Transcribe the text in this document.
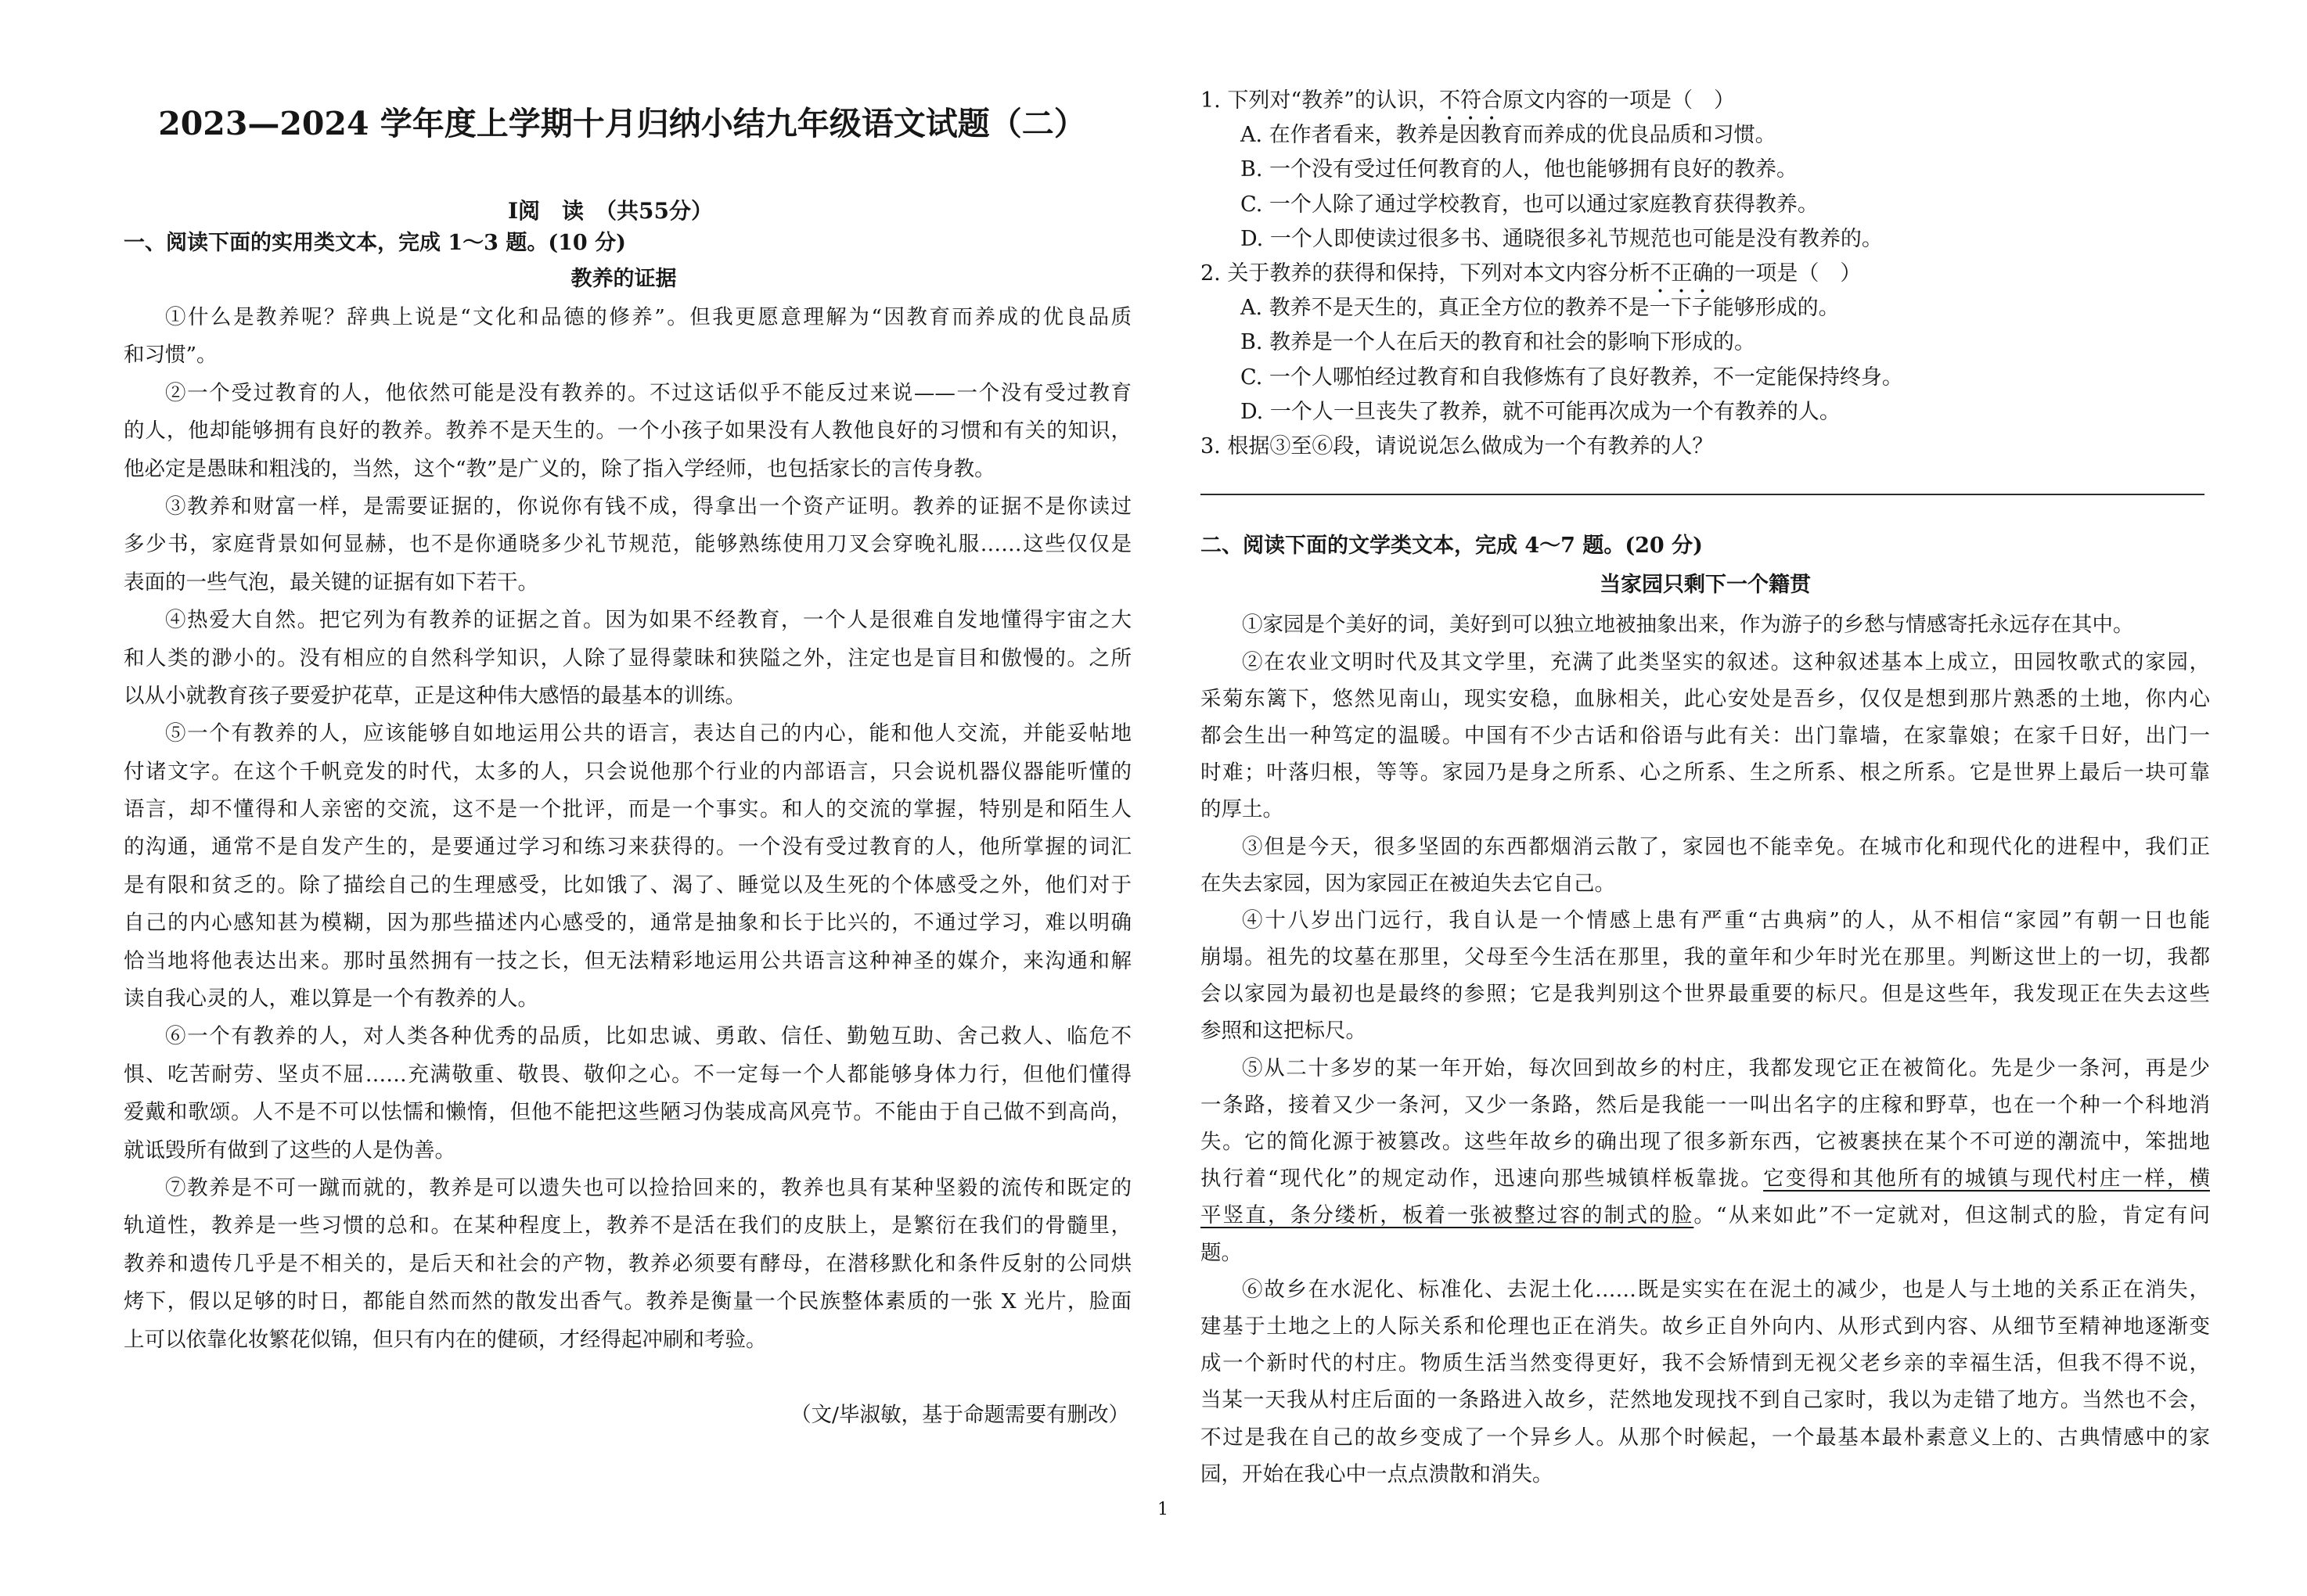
2023—2024 学年度上学期十月归纳小结九年级语文试题（二）
Ⅰ阅　读　（共55分）
一、阅读下面的实用类文本，完成 1～3 题。(10 分)
教养的证据
①什么是教养呢？辞典上说是“文化和品德的修养”。但我更愿意理解为“因教育而养成的优良品质
和习惯”。
②一个受过教育的人，他依然可能是没有教养的。不过这话似乎不能反过来说——一个没有受过教育
的人，他却能够拥有良好的教养。教养不是天生的。一个小孩子如果没有人教他良好的习惯和有关的知识，
他必定是愚昧和粗浅的，当然，这个“教”是广义的，除了指入学经师，也包括家长的言传身教。
③教养和财富一样，是需要证据的，你说你有钱不成，得拿出一个资产证明。教养的证据不是你读过
多少书，家庭背景如何显赫，也不是你通晓多少礼节规范，能够熟练使用刀叉会穿晚礼服……这些仅仅是
表面的一些气泡，最关键的证据有如下若干。
④热爱大自然。把它列为有教养的证据之首。因为如果不经教育，一个人是很难自发地懂得宇宙之大
和人类的渺小的。没有相应的自然科学知识，人除了显得蒙昧和狭隘之外，注定也是盲目和傲慢的。之所
以从小就教育孩子要爱护花草，正是这种伟大感悟的最基本的训练。
⑤一个有教养的人，应该能够自如地运用公共的语言，表达自己的内心，能和他人交流，并能妥帖地
付诸文字。在这个千帆竞发的时代，太多的人，只会说他那个行业的内部语言，只会说机器仪器能听懂的
语言，却不懂得和人亲密的交流，这不是一个批评，而是一个事实。和人的交流的掌握，特别是和陌生人
的沟通，通常不是自发产生的，是要通过学习和练习来获得的。一个没有受过教育的人，他所掌握的词汇
是有限和贫乏的。除了描绘自己的生理感受，比如饿了、渴了、睡觉以及生死的个体感受之外，他们对于
自己的内心感知甚为模糊，因为那些描述内心感受的，通常是抽象和长于比兴的，不通过学习，难以明确
恰当地将他表达出来。那时虽然拥有一技之长，但无法精彩地运用公共语言这种神圣的媒介，来沟通和解
读自我心灵的人，难以算是一个有教养的人。
⑥一个有教养的人，对人类各种优秀的品质，比如忠诚、勇敢、信任、勤勉互助、舍己救人、临危不
惧、吃苦耐劳、坚贞不屈……充满敬重、敬畏、敬仰之心。不一定每一个人都能够身体力行，但他们懂得
爱戴和歌颂。人不是不可以怯懦和懒惰，但他不能把这些陋习伪装成高风亮节。不能由于自己做不到高尚，
就诋毁所有做到了这些的人是伪善。
⑦教养是不可一蹴而就的，教养是可以遗失也可以捡拾回来的，教养也具有某种坚毅的流传和既定的
轨道性，教养是一些习惯的总和。在某种程度上，教养不是活在我们的皮肤上，是繁衍在我们的骨髓里，
教养和遗传几乎是不相关的，是后天和社会的产物，教养必须要有酵母，在潜移默化和条件反射的公同烘
烤下，假以足够的时日，都能自然而然的散发出香气。教养是衡量一个民族整体素质的一张 X 光片，脸面
上可以依靠化妆繁花似锦，但只有内在的健硕，才经得起冲刷和考验。
（文/毕淑敏，基于命题需要有删改）
1. 下列对“教养”的认识，不符合原文内容的一项是（　）
A. 在作者看来，教养是因教育而养成的优良品质和习惯。
B. 一个没有受过任何教育的人，他也能够拥有良好的教养。
C. 一个人除了通过学校教育，也可以通过家庭教育获得教养。
D. 一个人即使读过很多书、通晓很多礼节规范也可能是没有教养的。
2. 关于教养的获得和保持，下列对本文内容分析不正确的一项是（　）
A. 教养不是天生的，真正全方位的教养不是一下子能够形成的。
B. 教养是一个人在后天的教育和社会的影响下形成的。
C. 一个人哪怕经过教育和自我修炼有了良好教养，不一定能保持终身。
D. 一个人一旦丧失了教养，就不可能再次成为一个有教养的人。
3. 根据③至⑥段，请说说怎么做成为一个有教养的人？
二、阅读下面的文学类文本，完成 4～7 题。(20 分)
当家园只剩下一个籍贯
①家园是个美好的词，美好到可以独立地被抽象出来，作为游子的乡愁与情感寄托永远存在其中。
②在农业文明时代及其文学里，充满了此类坚实的叙述。这种叙述基本上成立，田园牧歌式的家园，
采菊东篱下，悠然见南山，现实安稳，血脉相关，此心安处是吾乡，仅仅是想到那片熟悉的土地，你内心
都会生出一种笃定的温暖。中国有不少古话和俗语与此有关：出门靠墙，在家靠娘；在家千日好，出门一
时难；叶落归根，等等。家园乃是身之所系、心之所系、生之所系、根之所系。它是世界上最后一块可靠
的厚土。
③但是今天，很多坚固的东西都烟消云散了，家园也不能幸免。在城市化和现代化的进程中，我们正
在失去家园，因为家园正在被迫失去它自己。
④十八岁出门远行，我自认是一个情感上患有严重“古典病”的人，从不相信“家园”有朝一日也能
崩塌。祖先的坟墓在那里，父母至今生活在那里，我的童年和少年时光在那里。判断这世上的一切，我都
会以家园为最初也是最终的参照；它是我判别这个世界最重要的标尺。但是这些年，我发现正在失去这些
参照和这把标尺。
⑤从二十多岁的某一年开始，每次回到故乡的村庄，我都发现它正在被简化。先是少一条河，再是少
一条路，接着又少一条河，又少一条路，然后是我能一一叫出名字的庄稼和野草，也在一个种一个科地消
失。它的简化源于被篡改。这些年故乡的确出现了很多新东西，它被裹挟在某个不可逆的潮流中，笨拙地
执行着“现代化”的规定动作，迅速向那些城镇样板靠拢。它变得和其他所有的城镇与现代村庄一样，横
平竖直，条分缕析，板着一张被整过容的制式的脸。“从来如此”不一定就对，但这制式的脸，肯定有问
题。
⑥故乡在水泥化、标准化、去泥土化……既是实实在在泥土的减少，也是人与土地的关系正在消失，
建基于土地之上的人际关系和伦理也正在消失。故乡正自外向内、从形式到内容、从细节至精神地逐渐变
成一个新时代的村庄。物质生活当然变得更好，我不会矫情到无视父老乡亲的幸福生活，但我不得不说，
当某一天我从村庄后面的一条路进入故乡，茫然地发现找不到自己家时，我以为走错了地方。当然也不会，
不过是我在自己的故乡变成了一个异乡人。从那个时候起，一个最基本最朴素意义上的、古典情感中的家
园，开始在我心中一点点溃散和消失。
1
